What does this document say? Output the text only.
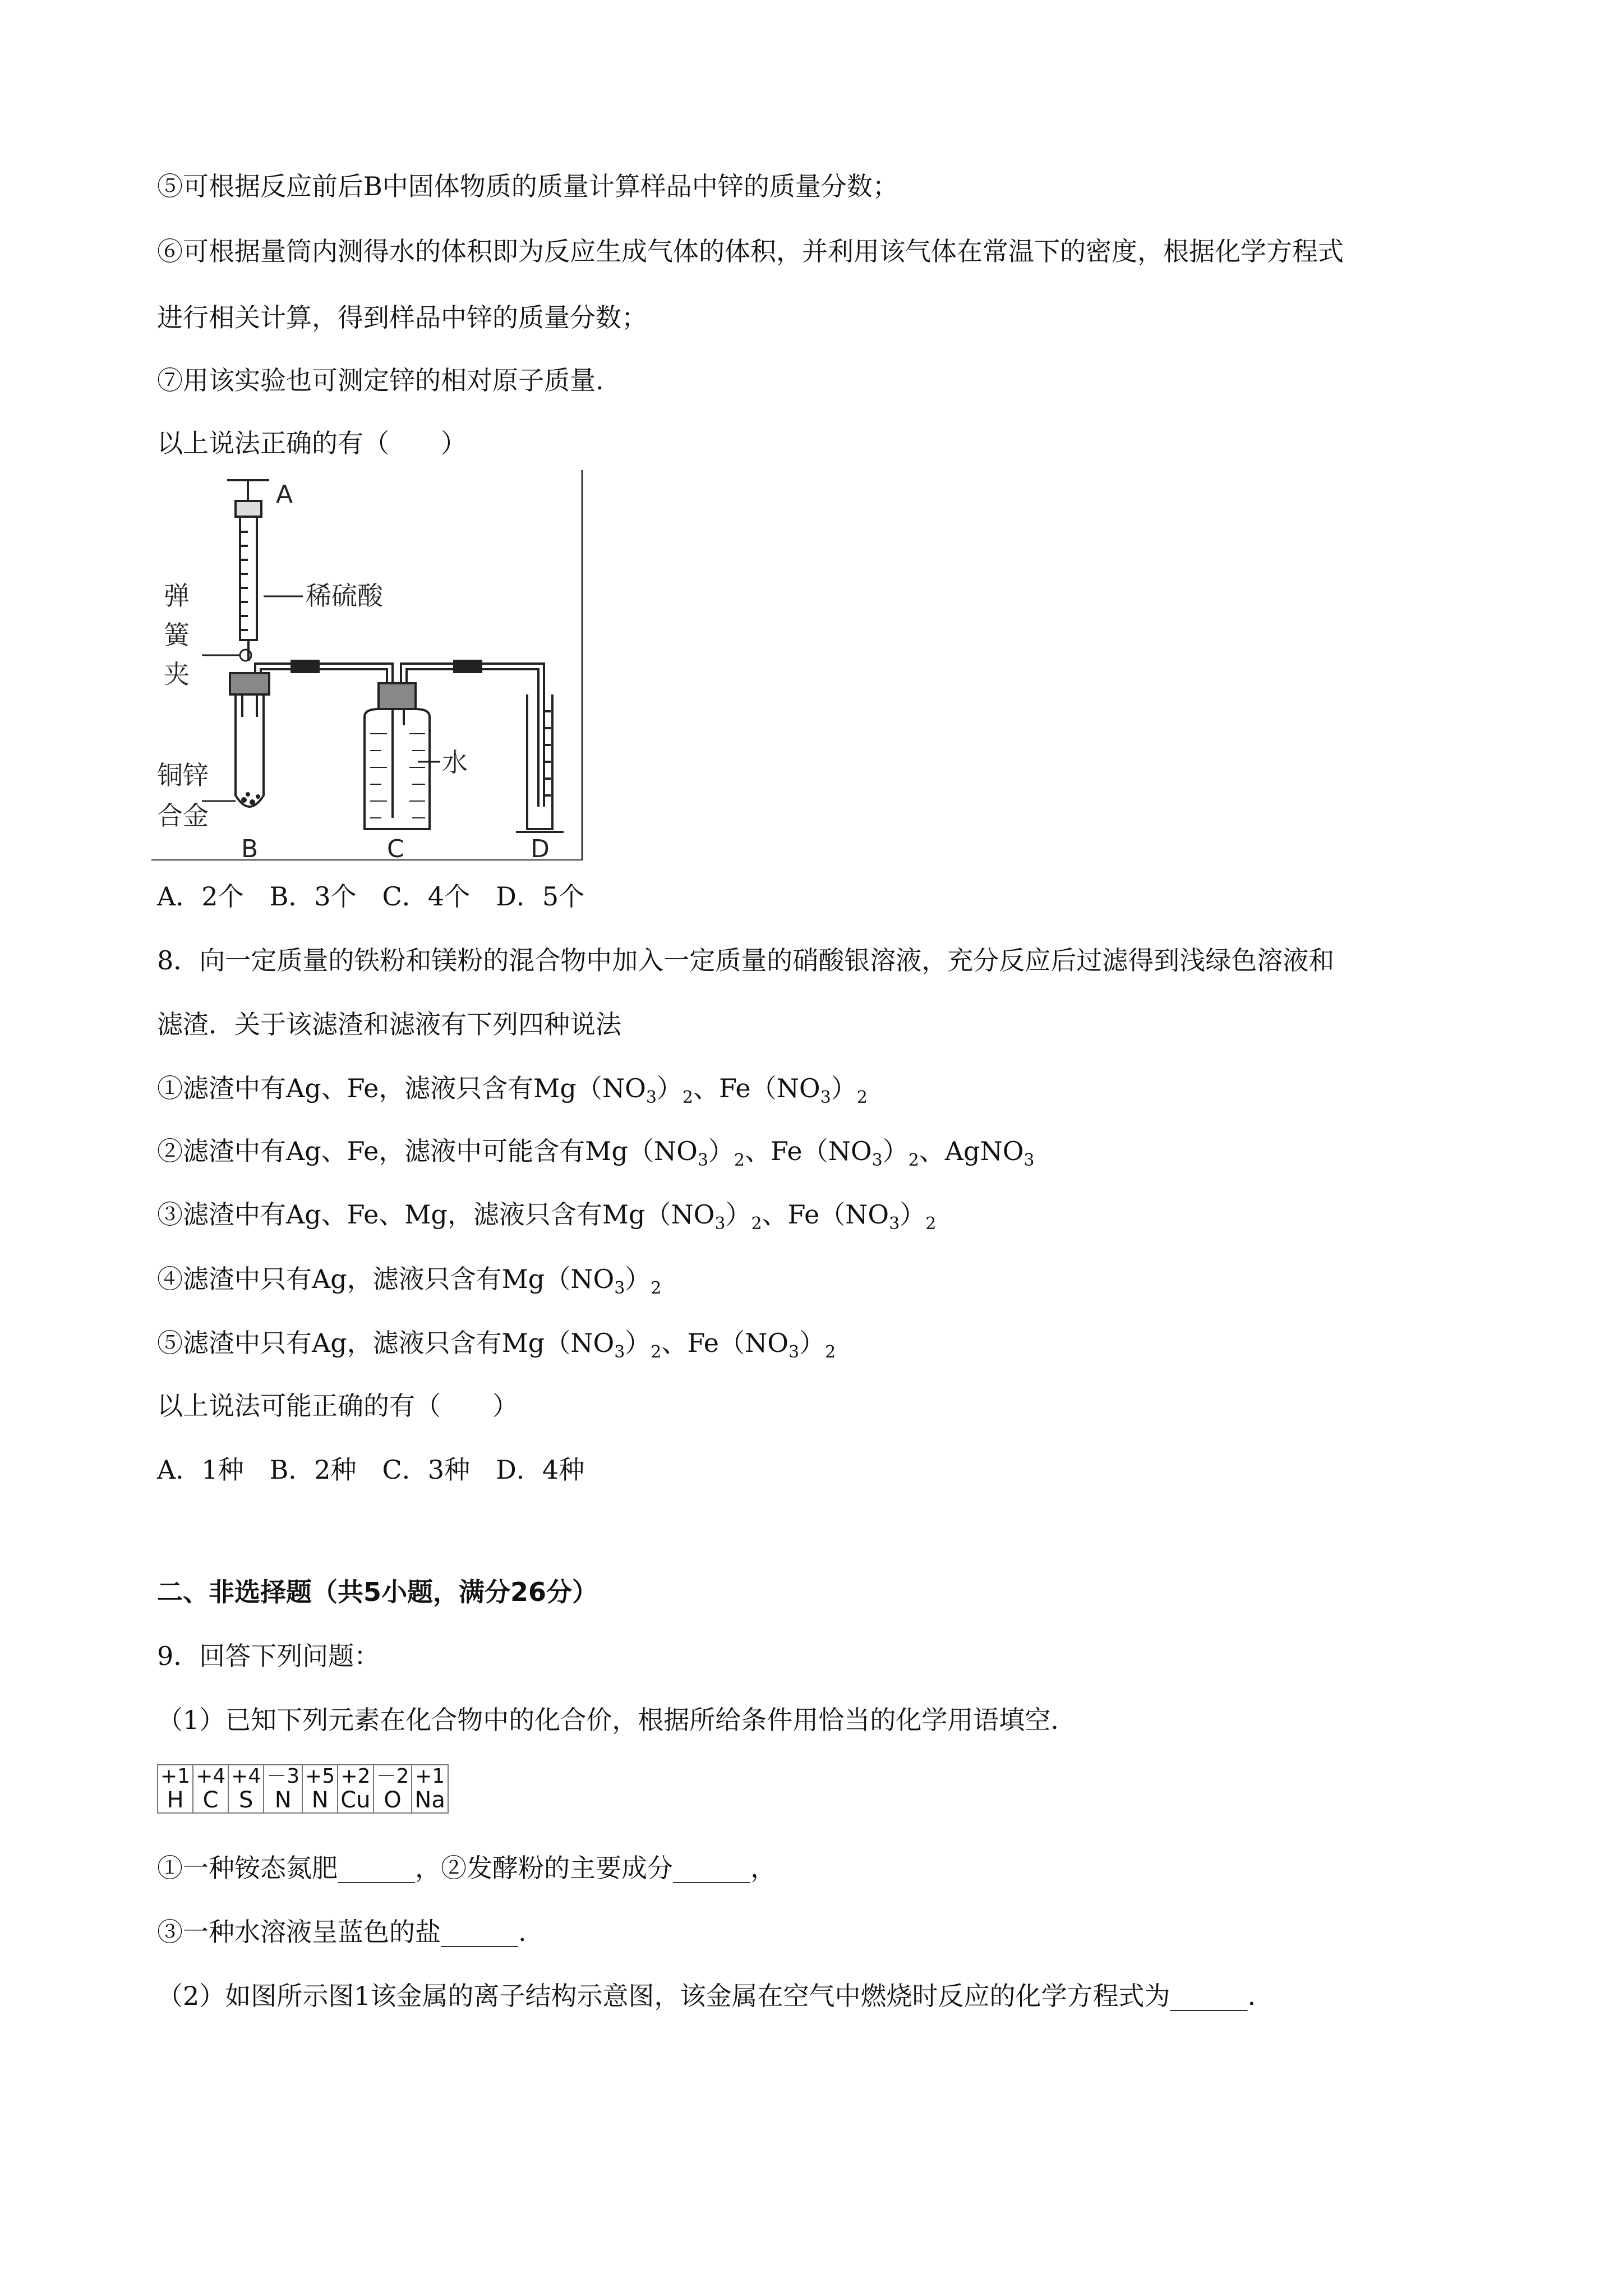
⑤可根据反应前后B中固体物质的质量计算样品中锌的质量分数；
⑥可根据量筒内测得水的体积即为反应生成气体的体积，并利用该气体在常温下的密度，根据化学方程式
进行相关计算，得到样品中锌的质量分数；
⑦用该实验也可测定锌的相对原子质量.
以上说法正确的有（　　）
A
稀硫酸
弹
簧
夹
铜锌
合金
水
B	C	D
A．2个　B．3个　C．4个　D．5个
8．向一定质量的铁粉和镁粉的混合物中加入一定质量的硝酸银溶液，充分反应后过滤得到浅绿色溶液和
滤渣．关于该滤渣和滤液有下列四种说法
①滤渣中有Ag、Fe，滤液只含有$Mg(NO_3)_2$、$Fe(NO_3)_2$
②滤渣中有Ag、Fe，滤液中可能含有$Mg(NO_3)_2$、$Fe(NO_3)_2$、AgNO$_3$
③滤渣中有Ag、Fe、Mg，滤液只含有$Mg(NO_3)_2$、$Fe(NO_3)_2$
④滤渣中只有Ag，滤液只含有$Mg(NO_3)_2$
⑤滤渣中只有Ag，滤液只含有$Mg(NO_3)_2$、$Fe(NO_3)_2$
以上说法可能正确的有（　　）
A．1种　B．2种　C．3种　D．4种
二、非选择题（共5小题，满分26分）
9．回答下列问题：
（1）已知下列元素在化合物中的化合价，根据所给条件用恰当的化学用语填空.
+1	+4	+4	－3	+5	+2	－2	+1
H	C	S	N	N	Cu	O	Na
①一种铵态氮肥______，②发酵粉的主要成分______，
③一种水溶液呈蓝色的盐______.
（2）如图所示图1该金属的离子结构示意图，该金属在空气中燃烧时反应的化学方程式为______.
